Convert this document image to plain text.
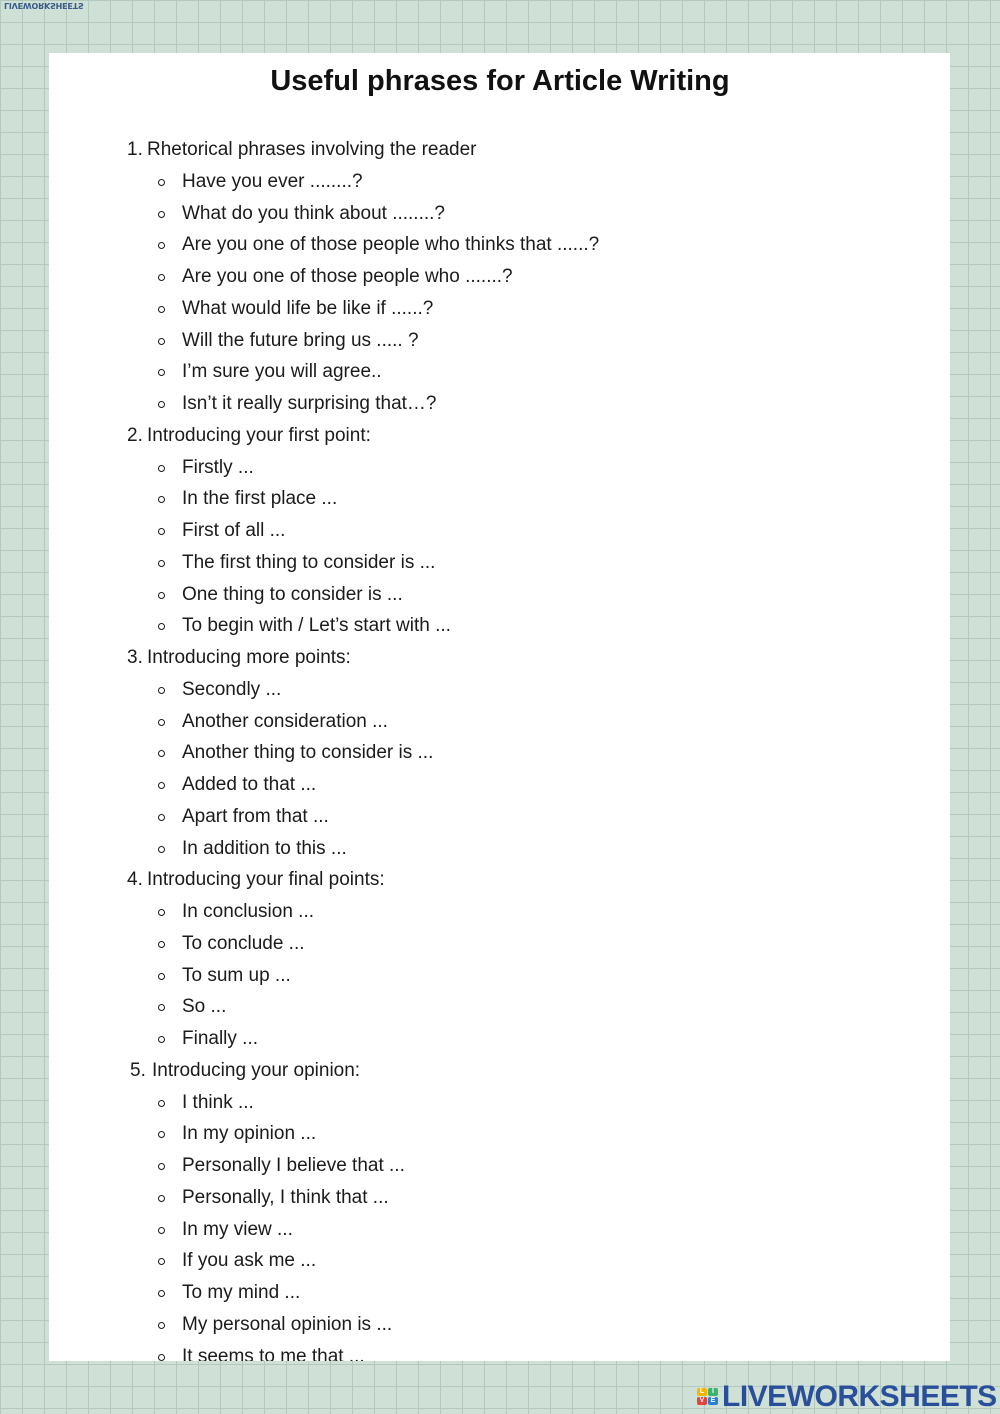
LIVEWORKSHEETS
Useful phrases for Article Writing
1. Rhetorical phrases involving the reader
Have you ever ........?
What do you think about ........?
Are you one of those people who thinks that ......?
Are you one of those people who .......?
What would life be like if ......?
Will the future bring us ..... ?
I’m sure you will agree..
Isn’t it really surprising that…?
2. Introducing your first point:
Firstly ...
In the first place ...
First of all ...
The first thing to consider is ...
One thing to consider is ...
To begin with / Let’s start with ...
3. Introducing more points:
Secondly ...
Another consideration ...
Another thing to consider is ...
Added to that ...
Apart from that ...
In addition to this ...
4. Introducing your final points:
In conclusion ...
To conclude ...
To sum up ...
So ...
Finally ...
5. Introducing your opinion:
I think ...
In my opinion ...
Personally I believe that ...
Personally, I think that ...
In my view ...
If you ask me ...
To my mind ...
My personal opinion is ...
It seems to me that ...
L	I
V E LIVEWORKSHEETS
